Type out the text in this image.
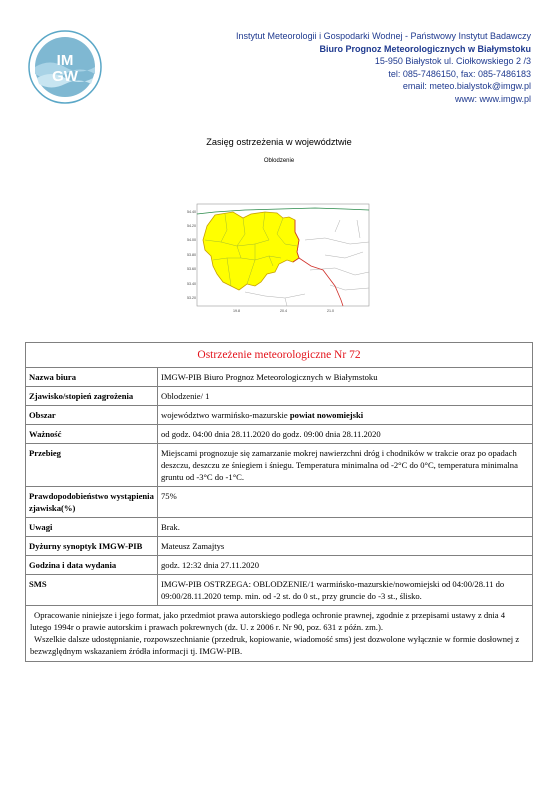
IM
GW
Instytut Meteorologii i Gospodarki Wodnej - Państwowy Instytut Badawczy
Biuro Prognoz Meteorologicznych w Białymstoku
15-950 Białystok ul. Ciołkowskiego 2 /3
tel: 085-7486150, fax: 085-7486183
email: meteo.bialystok@imgw.pl
www: www.imgw.pl
Zasięg ostrzeżenia w województwie
Oblodzenie
54.40
54.20
54.00
53.80
53.60
53.40
53.20
19.8	20.4	21.0
Ostrzeżenie meteorologiczne Nr 72	
Nazwa biura	IMGW-PIB Biuro Prognoz Meteorologicznych w Białymstoku
Zjawisko/stopień zagrożenia	Oblodzenie/ 1
Obszar	województwo warmińsko-mazurskie powiat nowomiejski
Ważność	od godz. 04:00 dnia 28.11.2020 do godz. 09:00 dnia 28.11.2020
Przebieg	Miejscami prognozuje się zamarzanie mokrej nawierzchni dróg i chodników w trakcie oraz po opadach deszczu, deszczu ze śniegiem i śniegu. Temperatura minimalna od -2°C do 0°C, temperatura minimalna gruntu od -3°C do -1°C.
Prawdopodobieństwo wystąpienia zjawiska(%)	75%
Uwagi	Brak.
Dyżurny synoptyk IMGW-PIB	Mateusz Zamajtys
Godzina i data wydania	godz. 12:32 dnia 27.11.2020
SMS	IMGW-PIB OSTRZEGA: OBLODZENIE/1 warmińsko-mazurskie/nowomiejski od 04:00/28.11 do 09:00/28.11.2020 temp. min. od -2 st. do 0 st., przy gruncie do -3 st., ślisko.

Opracowanie niniejsze i jego format, jako przedmiot prawa autorskiego podlega ochronie prawnej, zgodnie z przepisami ustawy z dnia 4 lutego 1994r o prawie autorskim i prawach pokrewnych (dz. U. z 2006 r. Nr 90, poz. 631 z późn. zm.).
Wszelkie dalsze udostępnianie, rozpowszechnianie (przedruk, kopiowanie, wiadomość sms) jest dozwolone wyłącznie w formie dosłownej z bezwzględnym wskazaniem źródła informacji tj. IMGW-PIB.	
